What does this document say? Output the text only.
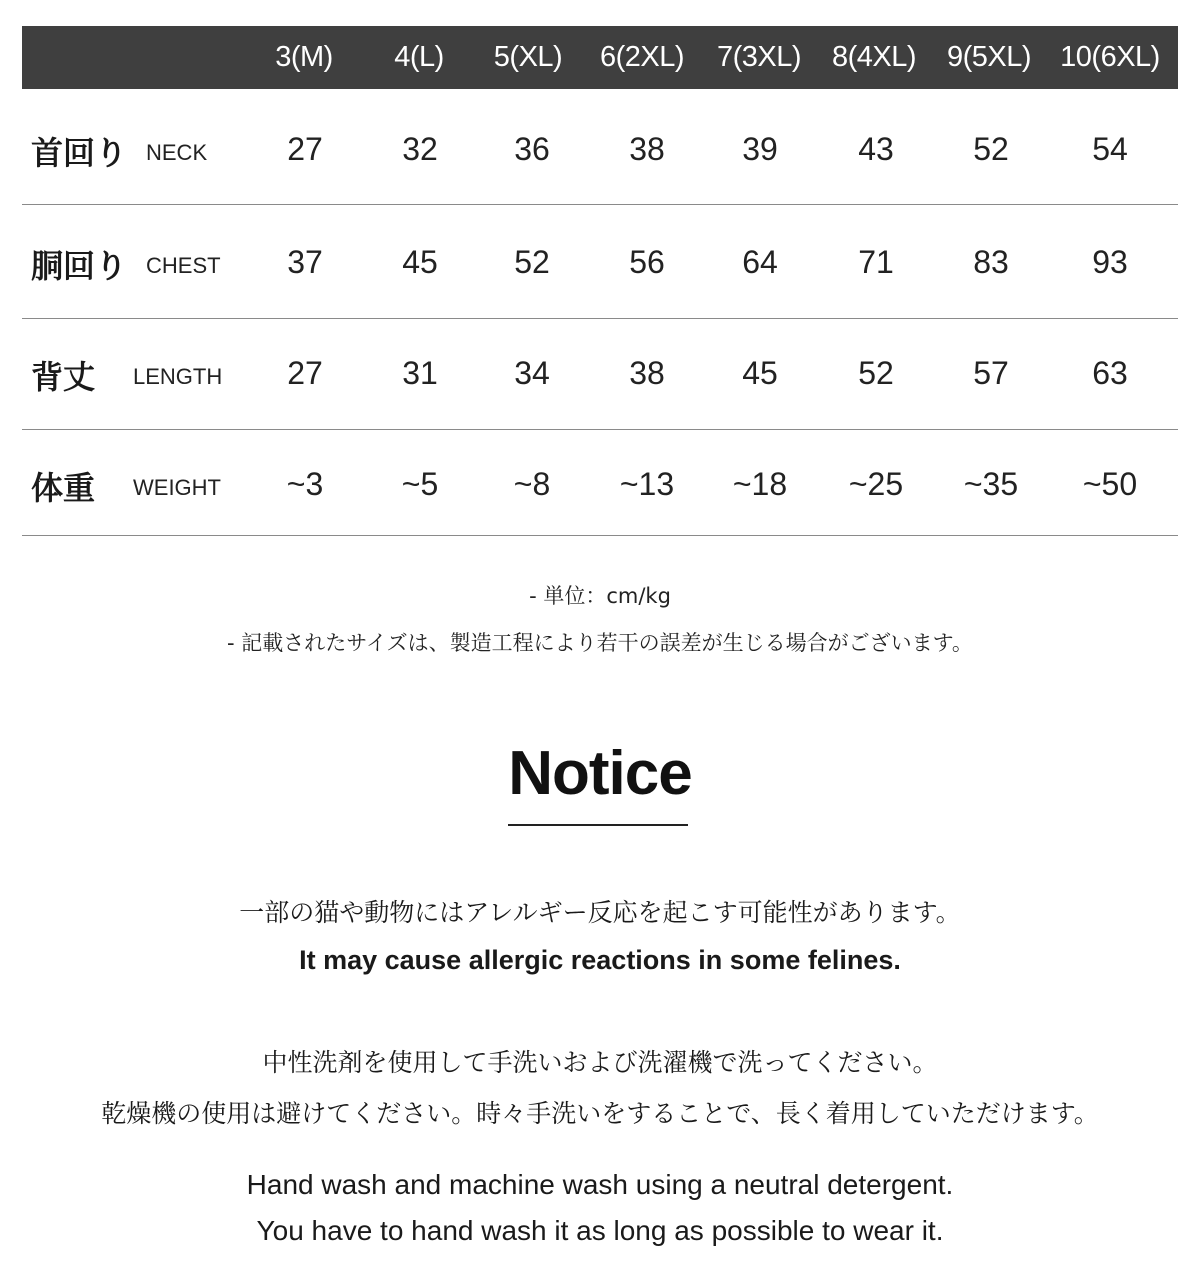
3(M) 4(L) 5(XL) 6(2XL) 7(3XL) 8(4XL) 9(5XL) 10(6XL)
首回り NECK	27 32 36 38 39	43 52	54
胴回り CHEST 37 45 52 56 64	71 83	93
背丈 LENGTH 27 31 34 38 45	52 57	63
体重 WEIGHT ~3 ~5 ~8 ~13 ~18 ~25 ~35 ~50
- 単位：cm/kg
- 記載されたサイズは、製造工程により若干の誤差が生じる場合がございます。
Notice
一部の猫や動物にはアレルギー反応を起こす可能性があります。
It may cause allergic reactions in some felines.
中性洗剤を使用して手洗いおよび洗濯機で洗ってください。
乾燥機の使用は避けてください。時々手洗いをすることで、長く着用していただけます。
Hand wash and machine wash using a neutral detergent.
You have to hand wash it as long as possible to wear it.
